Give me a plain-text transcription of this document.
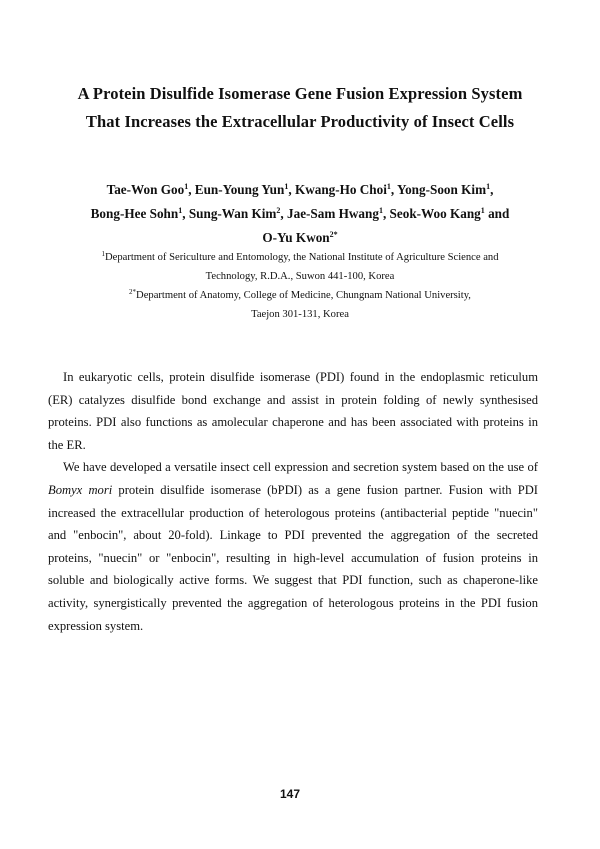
A Protein Disulfide Isomerase Gene Fusion Expression System
That Increases the Extracellular Productivity of Insect Cells
Tae-Won Goo$^1$, Eun-Young Yun$^1$, Kwang-Ho Choi$^1$, Yong-Soon Kim$^1$,
Bong-Hee Sohn$^1$, Sung-Wan Kim$^2$, Jae-Sam Hwang$^1$, Seok-Woo Kang$^1$ and
O-Yu Kwon$^{2*}$
$^1$Department of Sericulture and Entomology, the National Institute of Agriculture Science and
Technology, R.D.A., Suwon 441-100, Korea
$^{2*}$Department of Anatomy, College of Medicine, Chungnam National University,
Taejon 301-131, Korea

In eukaryotic cells, protein disulfide isomerase (PDI) found in the endoplasmic reticulum (ER) catalyzes disulfide bond exchange and assist in protein folding of newly synthesised proteins. PDI also functions as amolecular chaperone and has been associated with proteins in the ER.

We have developed a versatile insect cell expression and secretion system based on the use of Bomyx mori protein disulfide isomerase (bPDI) as a gene fusion partner. Fusion with PDI increased the extracellular production of heterologous proteins (antibacterial peptide "nuecin" and "enbocin", about 20-fold). Linkage to PDI prevented the aggregation of the secreted proteins, "nuecin" or "enbocin", resulting in high-level accumulation of fusion proteins in soluble and biologically active forms. We suggest that PDI function, such as chaperone-like activity, synergistically prevented the aggregation of heterologous proteins in the PDI fusion expression system.

147
